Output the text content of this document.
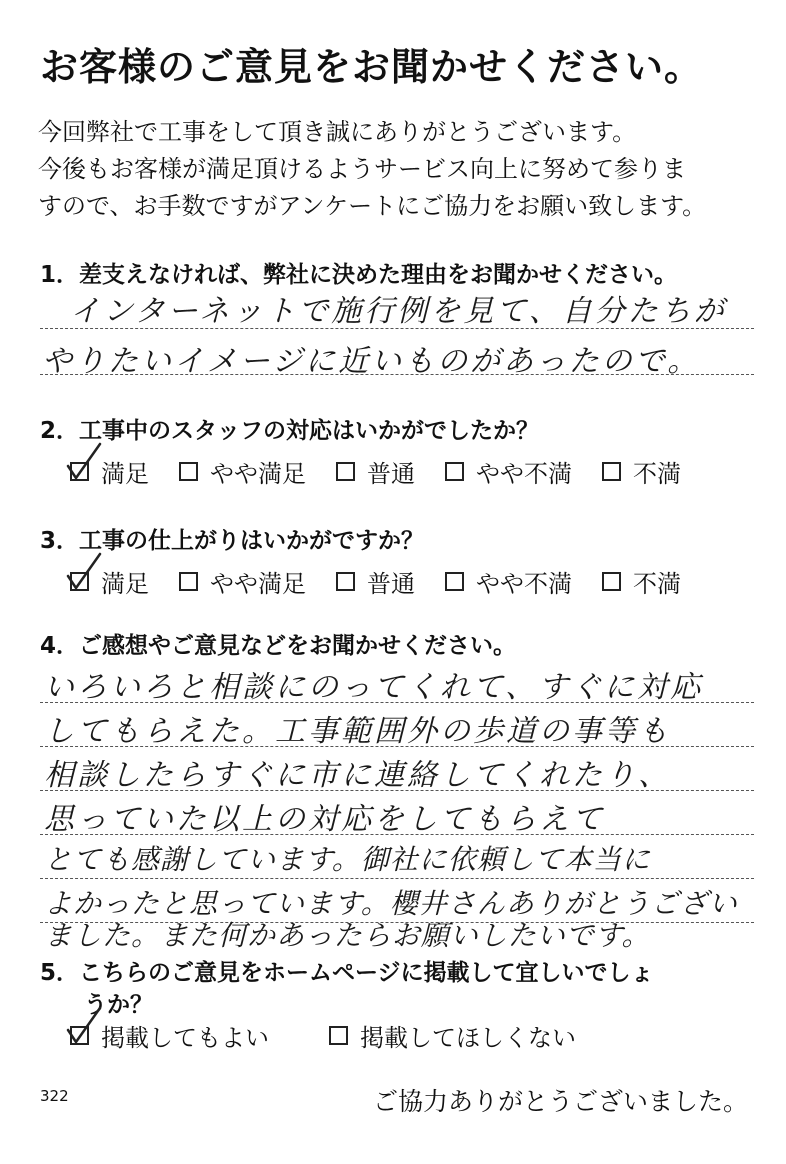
お客様のご意見をお聞かせください。
今回弊社で工事をして頂き誠にありがとうございます。
今後もお客様が満足頂けるようサービス向上に努めて参りま
すので、お手数ですがアンケートにご協力をお願い致します。
1．差支えなければ、弊社に決めた理由をお聞かせください。
インターネットで施行例を見て、自分たちが
やりたいイメージに近いものがあったので。
2．工事中のスタッフの対応はいかがでしたか？
満足	やや満足	普通	やや不満	不満
3．工事の仕上がりはいかがですか？
満足	やや満足	普通	やや不満	不満
4．ご感想やご意見などをお聞かせください。
いろいろと相談にのってくれて、すぐに対応
してもらえた。工事範囲外の歩道の事等も
相談したらすぐに市に連絡してくれたり、
思っていた以上の対応をしてもらえて
とても感謝しています。御社に依頼して本当に
よかったと思っています。櫻井さんありがとうござい
ました。また何かあったらお願いしたいです。
5．こちらのご意見をホームページに掲載して宜しいでしょ
うか？
掲載してもよい	掲載してほしくない
322	ご協力ありがとうございました。
